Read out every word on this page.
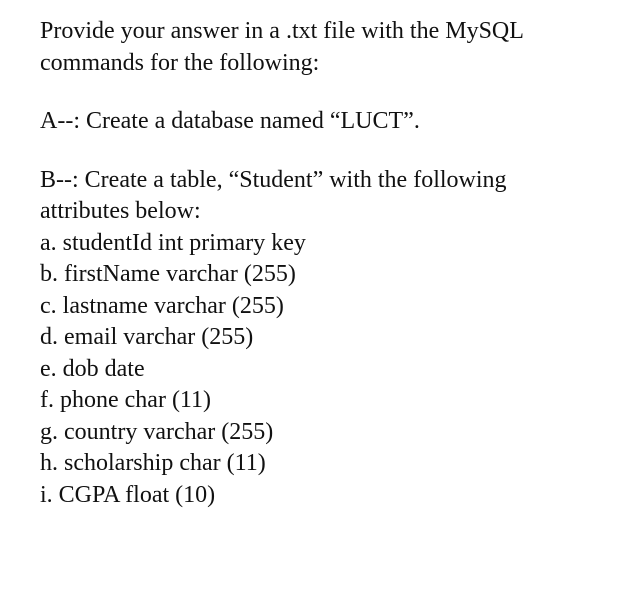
Provide your answer in a .txt file with the MySQL
commands for the following:

A--: Create a database named “LUCT”.

B--: Create a table, “Student” with the following
attributes below:

a. studentId int primary key
b. firstName varchar (255)
c. lastname varchar (255)
d. email varchar (255)
e. dob date
f. phone char (11)
g. country varchar (255)
h. scholarship char (11)
i. CGPA float (10)
